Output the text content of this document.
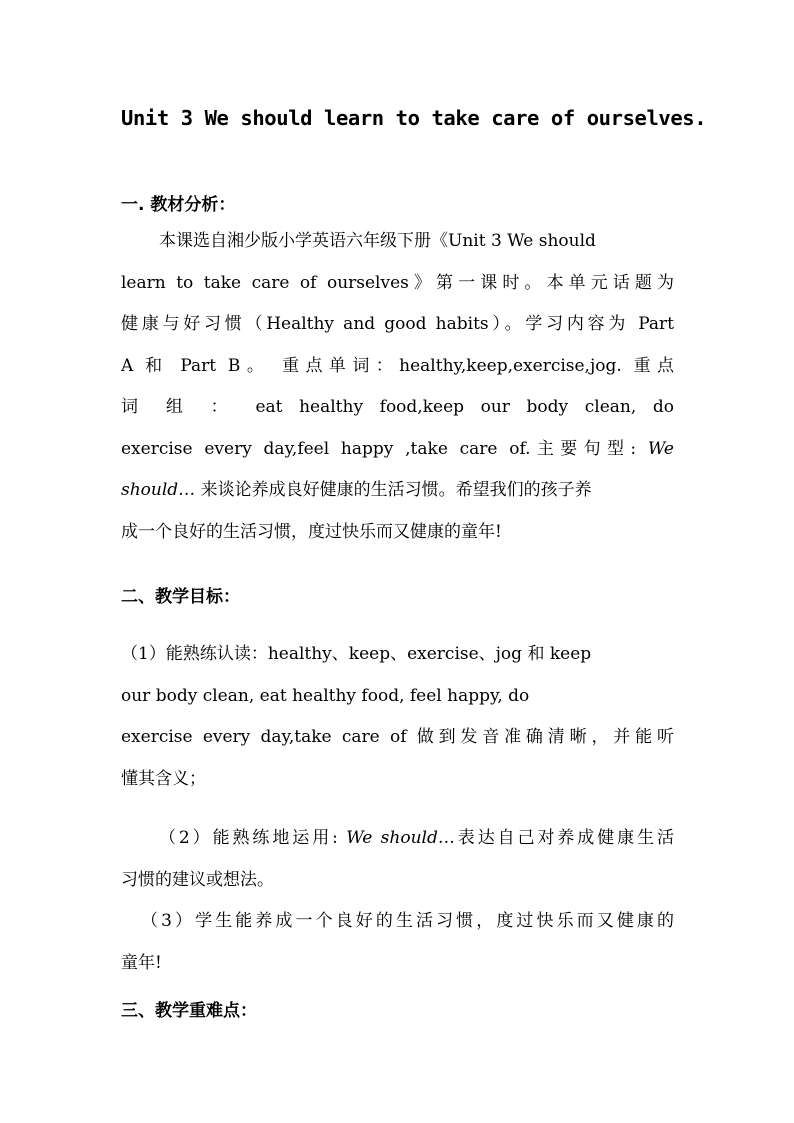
Unit 3 We should learn to take care of ourselves.
一. 教材分析：
本课选自湘少版小学英语六年级下册《Unit 3 We should
learn to take care of ourselves》第一课时。本单元话题为
健康与好习惯（Healthy and good habits）。学习内容为 Part
A 和 Part B。 重点单词：healthy,keep,exercise,jog. 重点
词 组 ： eat healthy food,keep our body clean, do
exercise every day,feel happy ,take care of.主要句型: We
should… 来谈论养成良好健康的生活习惯。希望我们的孩子养
成一个良好的生活习惯，度过快乐而又健康的童年!
二、教学目标：
（1）能熟练认读：healthy、keep、exercise、jog 和 keep
our body clean, eat healthy food, feel happy, do
exercise every day,take care of 做到发音准确清晰，并能听
懂其含义；
（2）能熟练地运用: We should…表达自己对养成健康生活
习惯的建议或想法。
（3）学生能养成一个良好的生活习惯，度过快乐而又健康的
童年!
三、教学重难点：
